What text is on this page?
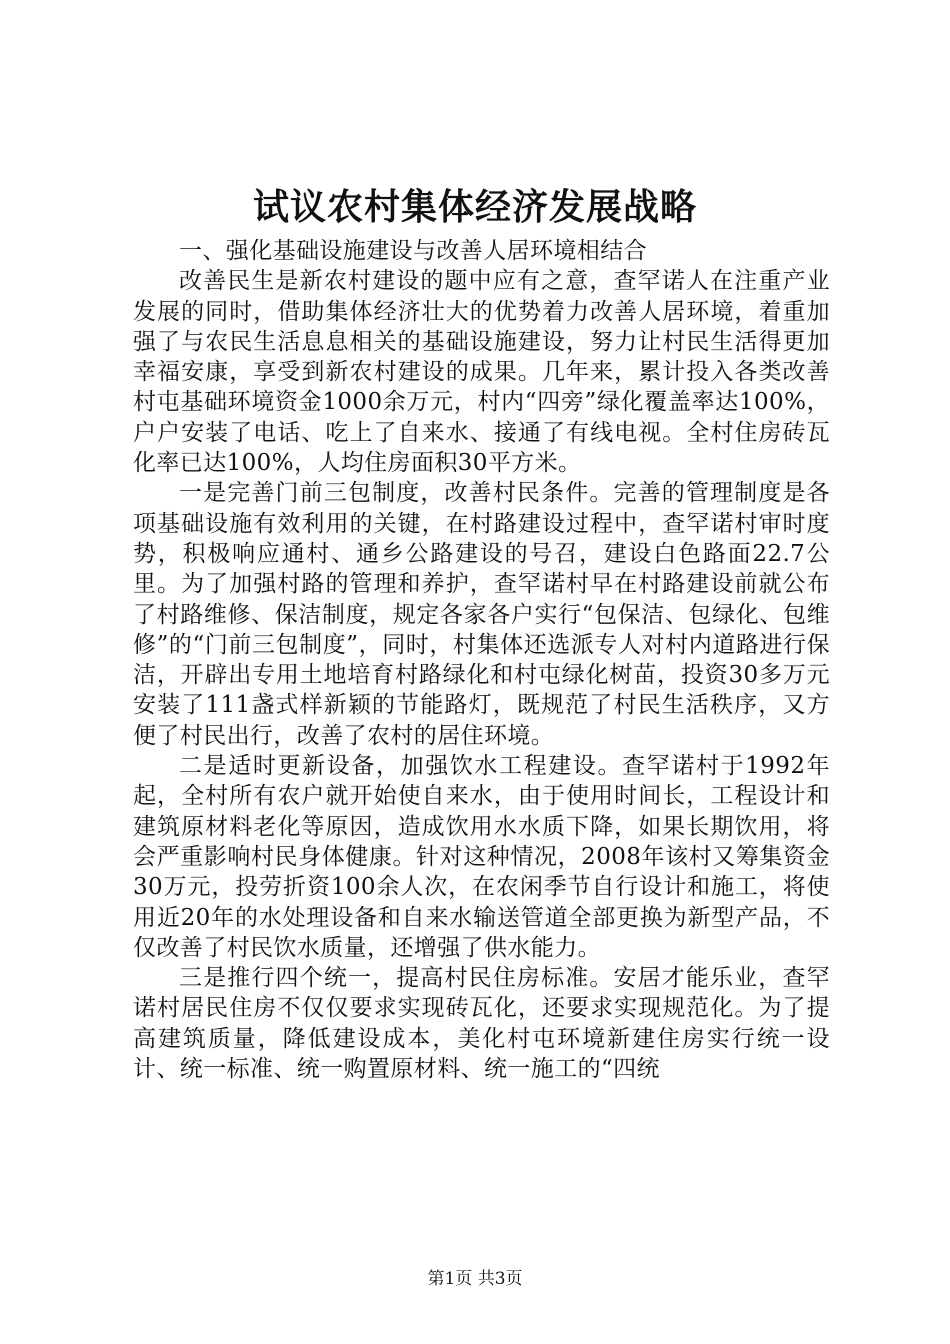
试议农村集体经济发展战略

一、强化基础设施建设与改善人居环境相结合

改善民生是新农村建设的题中应有之意，查罕诺人在注重产业发展的同时，借助集体经济壮大的优势着力改善人居环境，着重加强了与农民生活息息相关的基础设施建设，努力让村民生活得更加幸福安康，享受到新农村建设的成果。几年来，累计投入各类改善村屯基础环境资金1000余万元，村内“四旁”绿化覆盖率达100%，户户安装了电话、吃上了自来水、接通了有线电视。全村住房砖瓦化率已达100%，人均住房面积30平方米。

一是完善门前三包制度，改善村民条件。完善的管理制度是各项基础设施有效利用的关键，在村路建设过程中，查罕诺村审时度势，积极响应通村、通乡公路建设的号召，建设白色路面22.7公里。为了加强村路的管理和养护，查罕诺村早在村路建设前就公布了村路维修、保洁制度，规定各家各户实行“包保洁、包绿化、包维修”的“门前三包制度”，同时，村集体还选派专人对村内道路进行保洁，开辟出专用土地培育村路绿化和村屯绿化树苗，投资30多万元安装了111盏式样新颖的节能路灯，既规范了村民生活秩序，又方便了村民出行，改善了农村的居住环境。

二是适时更新设备，加强饮水工程建设。查罕诺村于1992年起，全村所有农户就开始使自来水，由于使用时间长，工程设计和建筑原材料老化等原因，造成饮用水水质下降，如果长期饮用，将会严重影响村民身体健康。针对这种情况，2008年该村又筹集资金30万元，投劳折资100余人次，在农闲季节自行设计和施工，将使用近20年的水处理设备和自来水输送管道全部更换为新型产品，不仅改善了村民饮水质量，还增强了供水能力。

三是推行四个统一，提高村民住房标准。安居才能乐业，查罕诺村居民住房不仅仅要求实现砖瓦化，还要求实现规范化。为了提高建筑质量，降低建设成本，美化村屯环境新建住房实行统一设计、统一标准、统一购置原材料、统一施工的“四统

第1页 共3页
